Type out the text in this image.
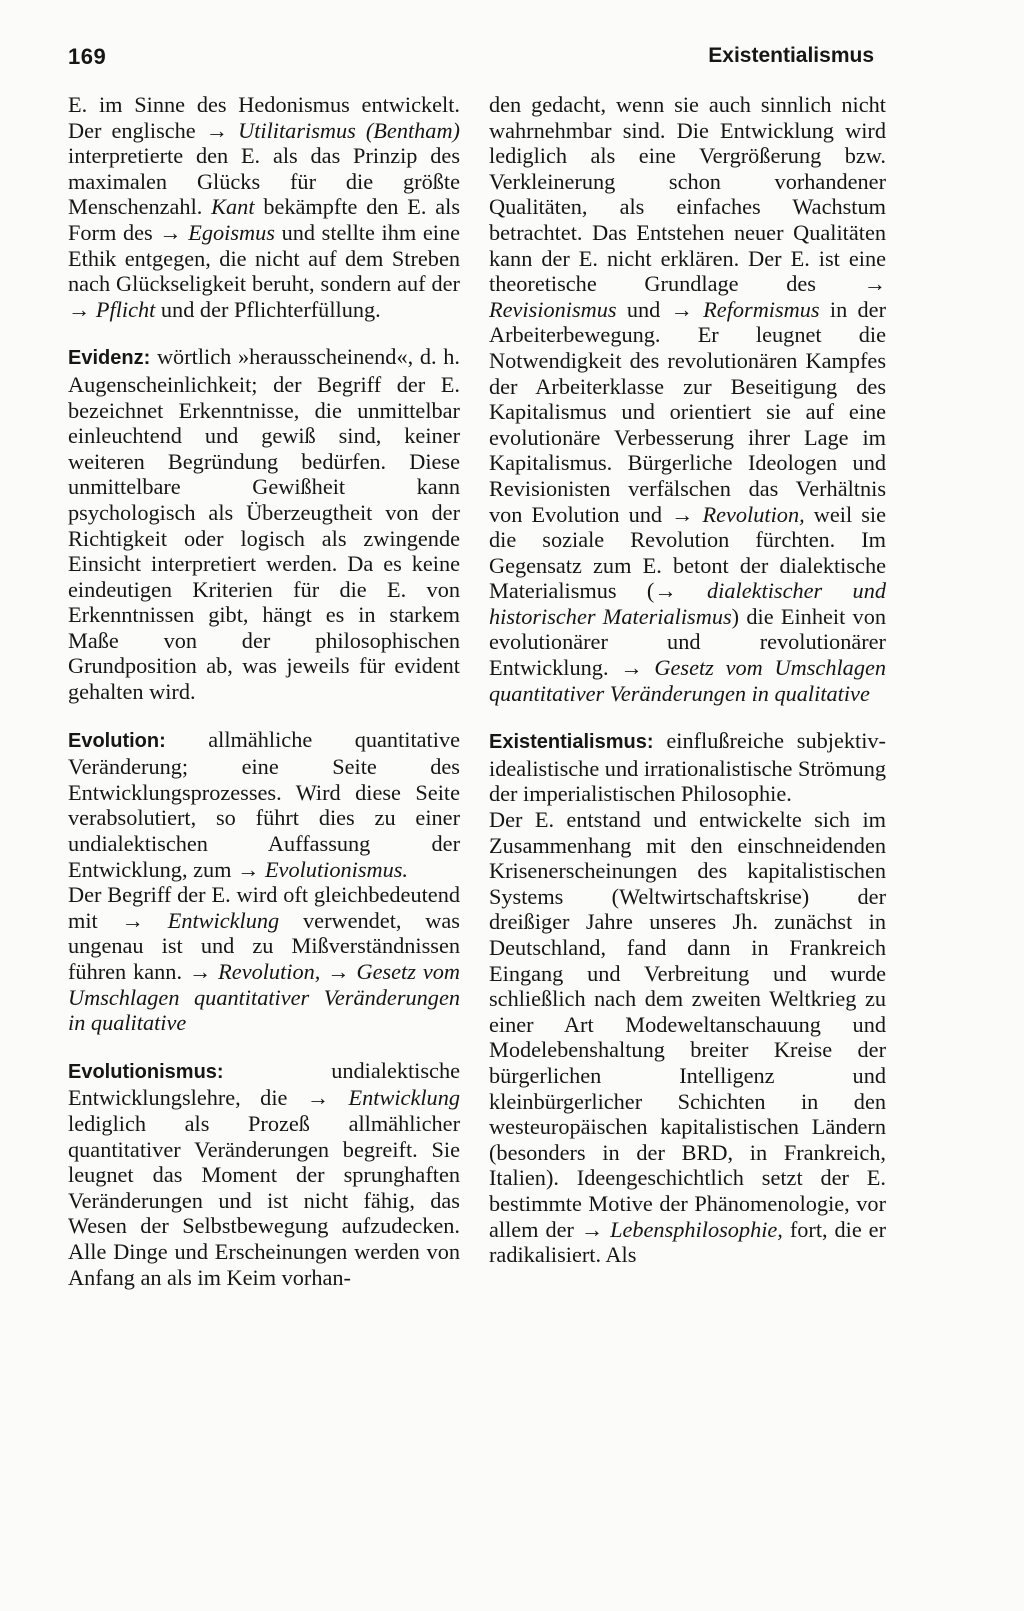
169	Existentialismus

E. im Sinne des Hedonismus entwickelt. Der englische → Utilitarismus (Bentham) interpretierte den E. als das Prinzip des maximalen Glücks für die größte Menschenzahl. Kant bekämpfte den E. als Form des → Egoismus und stellte ihm eine Ethik entgegen, die nicht auf dem Streben nach Glückseligkeit beruht, sondern auf der → Pflicht und der Pflichterfüllung.

Evidenz: wörtlich »herausscheinend«, d. h. Augenscheinlichkeit; der Begriff der E. bezeichnet Erkenntnisse, die unmittelbar einleuchtend und gewiß sind, keiner weiteren Begründung bedürfen. Diese unmittelbare Gewißheit kann psychologisch als Überzeugtheit von der Richtigkeit oder logisch als zwingende Einsicht interpretiert werden. Da es keine eindeutigen Kriterien für die E. von Erkenntnissen gibt, hängt es in starkem Maße von der philosophischen Grundposition ab, was jeweils für evident gehalten wird.

Evolution: allmähliche quantitative Veränderung; eine Seite des Entwicklungsprozesses. Wird diese Seite verabsolutiert, so führt dies zu einer undialektischen Auffassung der Entwicklung, zum → Evolutionismus.

Der Begriff der E. wird oft gleichbedeutend mit → Entwicklung verwendet, was ungenau ist und zu Mißverständnissen führen kann. → Revolution, → Gesetz vom Umschlagen quantitativer Veränderungen in qualitative

Evolutionismus: undialektische Entwicklungslehre, die → Entwicklung lediglich als Prozeß allmählicher quantitativer Veränderungen begreift. Sie leugnet das Moment der sprunghaften Veränderungen und ist nicht fähig, das Wesen der Selbstbewegung aufzudecken. Alle Dinge und Erscheinungen werden von Anfang an als im Keim vorhan-

den gedacht, wenn sie auch sinnlich nicht wahrnehmbar sind. Die Entwicklung wird lediglich als eine Vergrößerung bzw. Verkleinerung schon vorhandener Qualitäten, als einfaches Wachstum betrachtet. Das Entstehen neuer Qualitäten kann der E. nicht erklären. Der E. ist eine theoretische Grundlage des → Revisionismus und → Reformismus in der Arbeiterbewegung. Er leugnet die Notwendigkeit des revolutionären Kampfes der Arbeiterklasse zur Beseitigung des Kapitalismus und orientiert sie auf eine evolutionäre Verbesserung ihrer Lage im Kapitalismus. Bürgerliche Ideologen und Revisionisten verfälschen das Verhältnis von Evolution und → Revolution, weil sie die soziale Revolution fürchten. Im Gegensatz zum E. betont der dialektische Materialismus (→ dialektischer und historischer Materialismus) die Einheit von evolutionärer und revolutionärer Entwicklung. → Gesetz vom Umschlagen quantitativer Veränderungen in qualitative

Existentialismus: einflußreiche subjektiv-idealistische und irrationalistische Strömung der imperialistischen Philosophie.

Der E. entstand und entwickelte sich im Zusammenhang mit den einschneidenden Krisenerscheinungen des kapitalistischen Systems (Weltwirtschaftskrise) der dreißiger Jahre unseres Jh. zunächst in Deutschland, fand dann in Frankreich Eingang und Verbreitung und wurde schließlich nach dem zweiten Weltkrieg zu einer Art Modeweltanschauung und Modelebenshaltung breiter Kreise der bürgerlichen Intelligenz und kleinbürgerlicher Schichten in den westeuropäischen kapitalistischen Ländern (besonders in der BRD, in Frankreich, Italien). Ideengeschichtlich setzt der E. bestimmte Motive der Phänomenologie, vor allem der → Lebensphilosophie, fort, die er radikalisiert. Als
